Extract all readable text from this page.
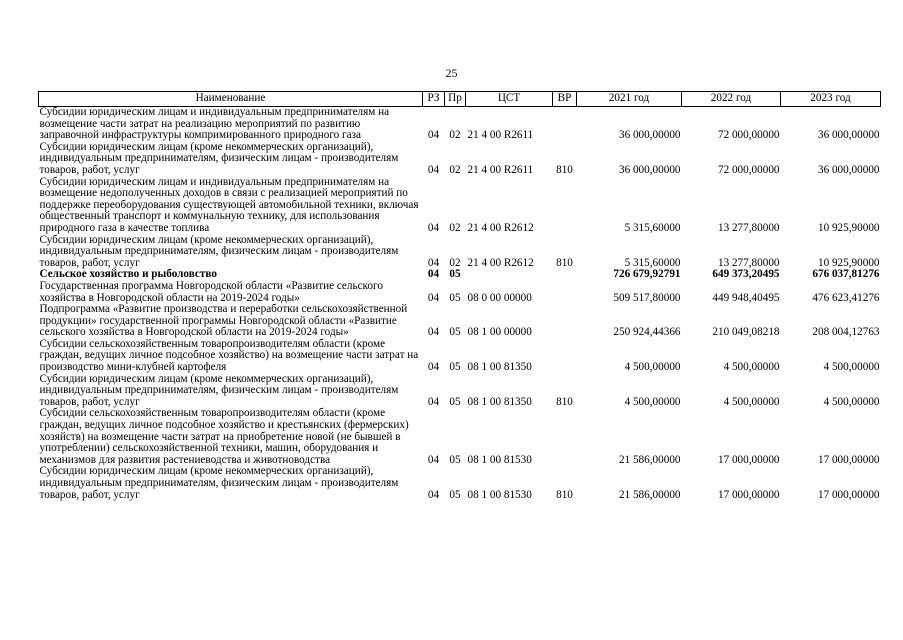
25
Наименование	РЗ	Пр	ЦСТ	ВР	2021 год	2022 год	2023 год
Субсидии юридическим лицам и индивидуальным предпринимателям на возмещение части затрат на реализацию мероприятий по развитию заправочной инфраструктуры компримированного природного газа	04	02	21 4 00 R2611		36 000,00000	72 000,00000	36 000,00000
Субсидии юридическим лицам (кроме некоммерческих организаций), индивидуальным предпринимателям, физическим лицам - производителям товаров, работ, услуг	04	02	21 4 00 R2611	810	36 000,00000	72 000,00000	36 000,00000
Субсидии юридическим лицам и индивидуальным предпринимателям на возмещение недополученных доходов в связи с реализацией мероприятий по поддержке переоборудования существующей автомобильной техники, включая общественный транспорт и коммунальную технику, для использования природного газа в качестве топлива	04	02	21 4 00 R2612		5 315,60000	13 277,80000	10 925,90000
Субсидии юридическим лицам (кроме некоммерческих организаций), индивидуальным предпринимателям, физическим лицам - производителям товаров, работ, услуг	04	02	21 4 00 R2612	810	5 315,60000	13 277,80000	10 925,90000
Сельское хозяйство и рыболовство	04	05			726 679,92791	649 373,20495	676 037,81276
Государственная программа Новгородской области «Развитие сельского хозяйства в Новгородской области на 2019-2024 годы»	04	05	08 0 00 00000		509 517,80000	449 948,40495	476 623,41276
Подпрограмма «Развитие производства и переработки сельскохозяйственной продукции» государственной программы Новгородской области «Развитие сельского хозяйства в Новгородской области на 2019-2024 годы»	04	05	08 1 00 00000		250 924,44366	210 049,08218	208 004,12763
Субсидии сельскохозяйственным товаропроизводителям области (кроме граждан, ведущих личное подсобное хозяйство) на возмещение части затрат на производство мини-клубней картофеля	04	05	08 1 00 81350		4 500,00000	4 500,00000	4 500,00000
Субсидии юридическим лицам (кроме некоммерческих организаций), индивидуальным предпринимателям, физическим лицам - производителям товаров, работ, услуг	04	05	08 1 00 81350	810	4 500,00000	4 500,00000	4 500,00000
Субсидии сельскохозяйственным товаропроизводителям области (кроме граждан, ведущих личное подсобное хозяйство и крестьянских (фермерских) хозяйств) на возмещение части затрат на приобретение новой (не бывшей в употреблении) сельскохозяйственной техники, машин, оборудования и механизмов для развития растениеводства и животноводства	04	05	08 1 00 81530		21 586,00000	17 000,00000	17 000,00000
Субсидии юридическим лицам (кроме некоммерческих организаций), индивидуальным предпринимателям, физическим лицам - производителям товаров, работ, услуг	04	05	08 1 00 81530	810	21 586,00000	17 000,00000	17 000,00000
